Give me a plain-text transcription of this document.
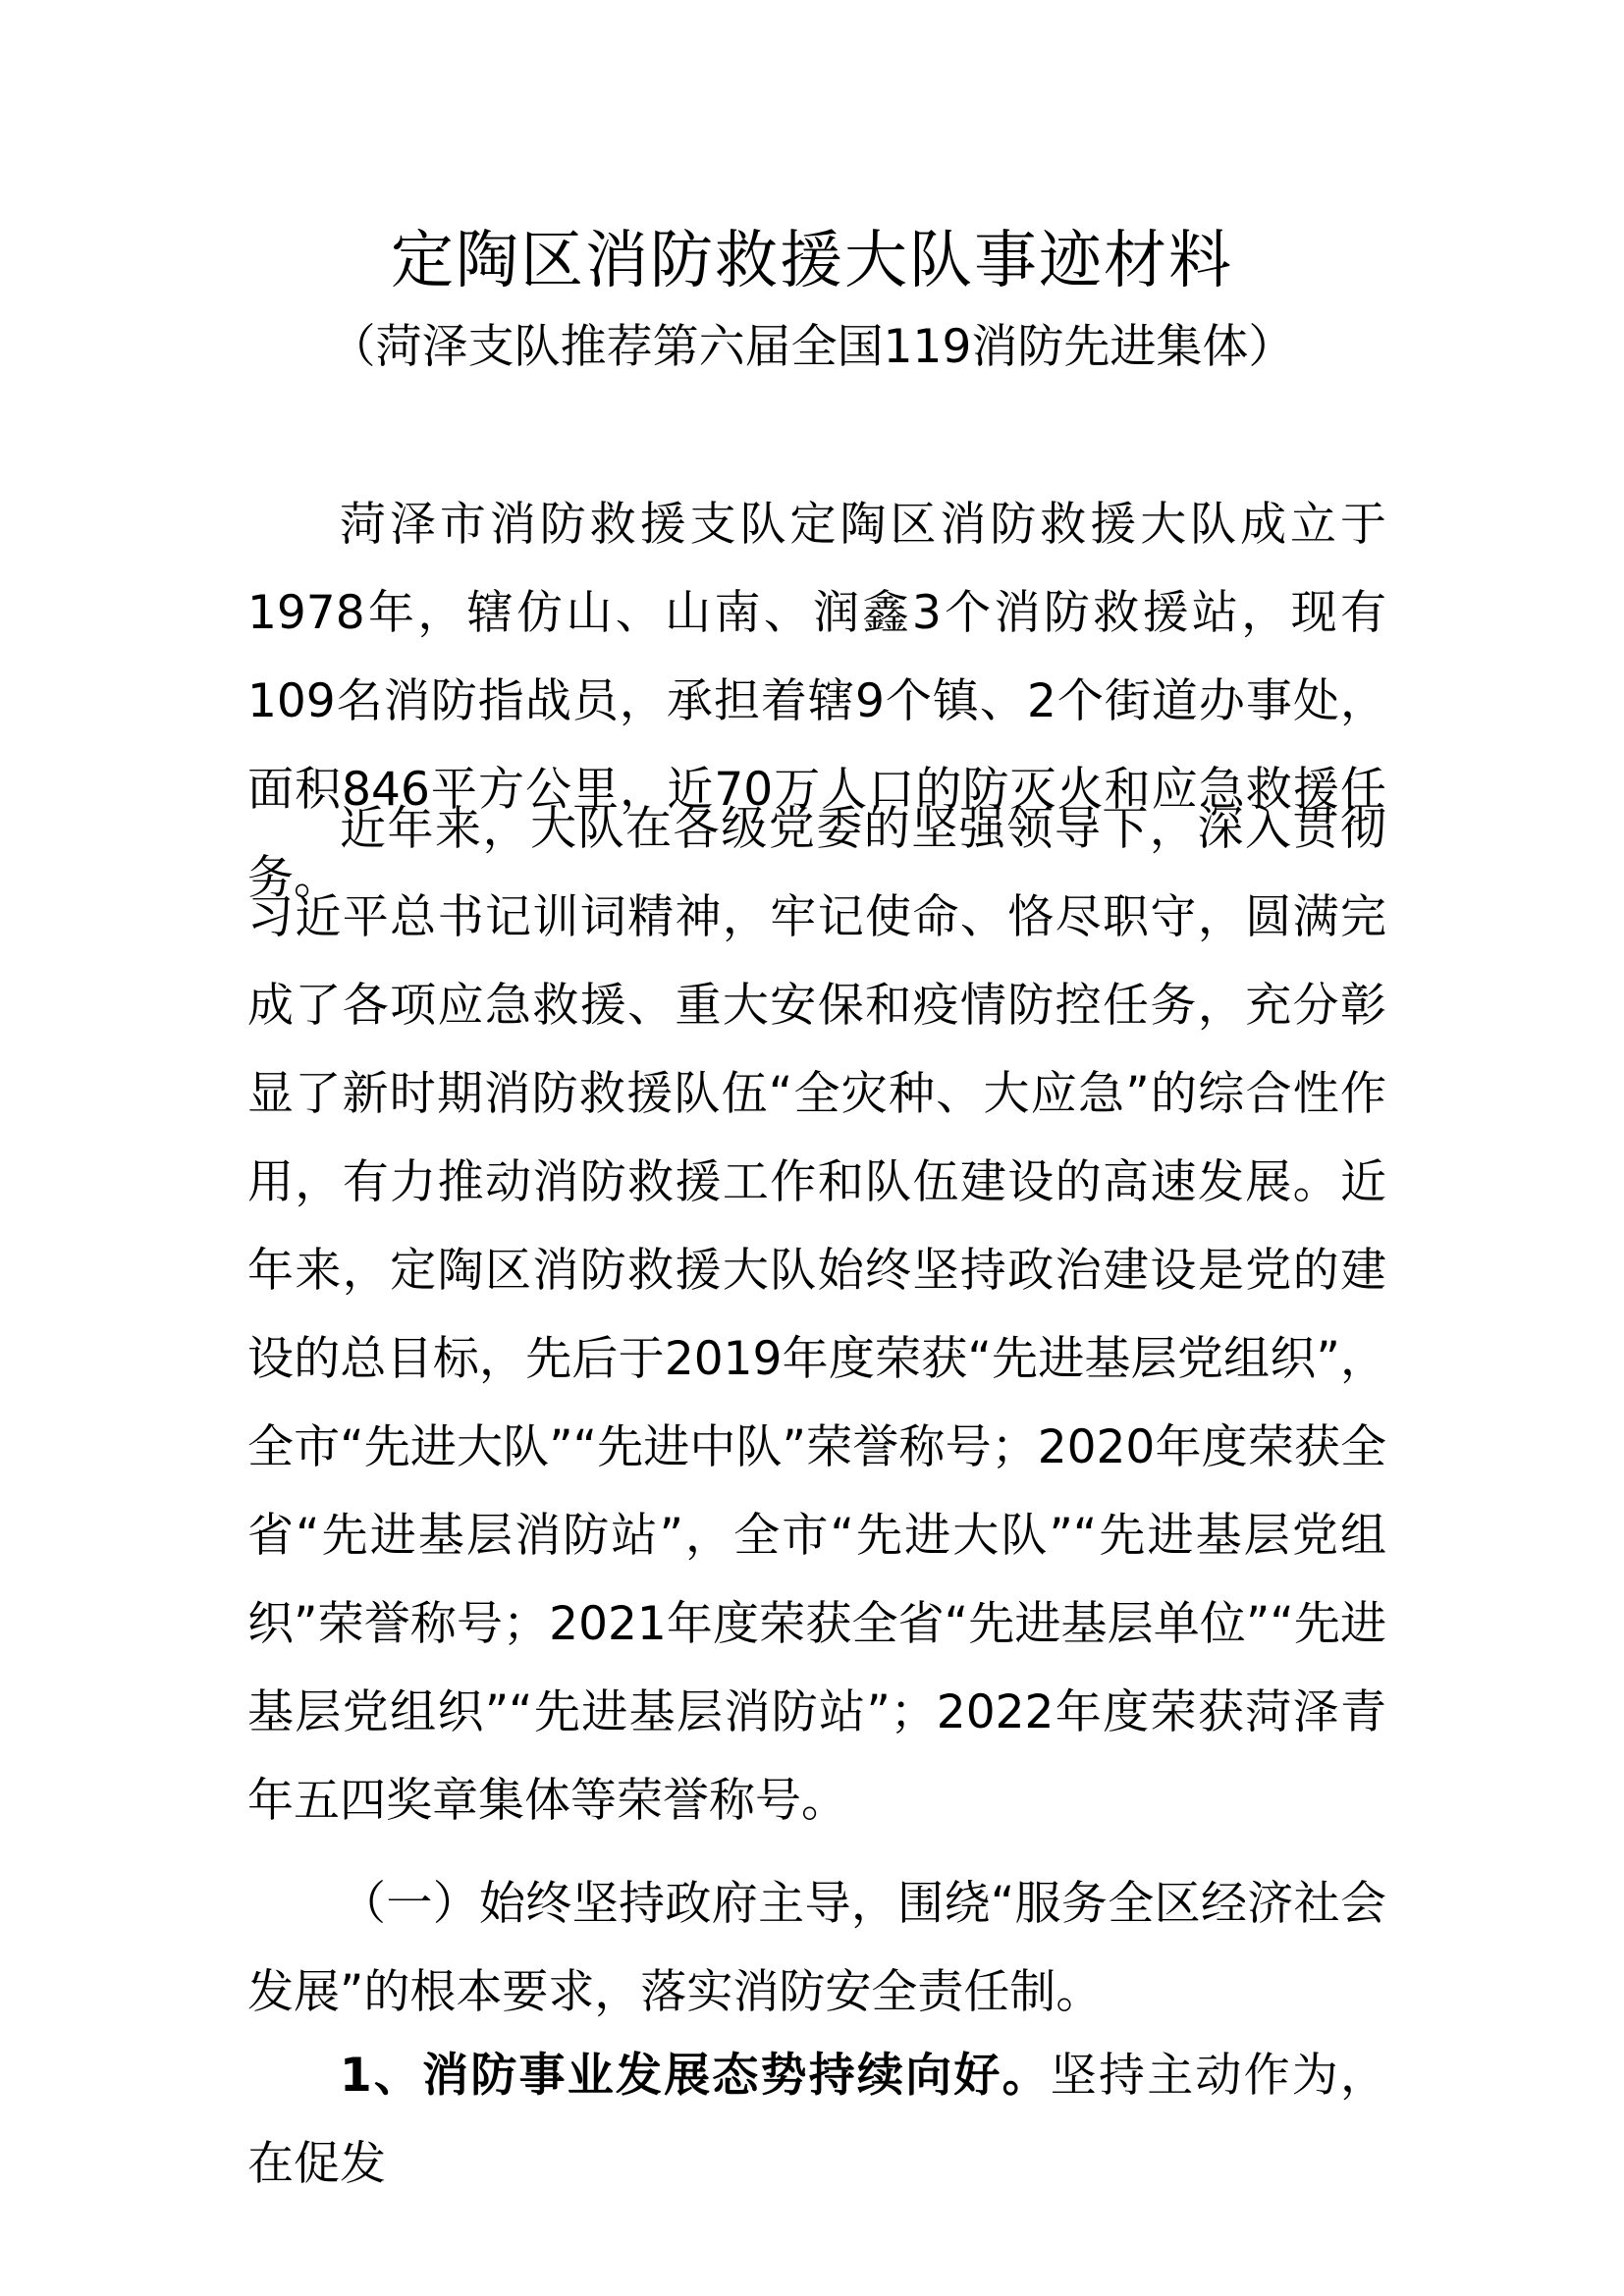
定陶区消防救援大队事迹材料
（菏泽支队推荐第六届全国119消防先进集体）

菏泽市消防救援支队定陶区消防救援大队成立于1978年，辖仿山、山南、润鑫3个消防救援站，现有109名消防指战员，承担着辖9个镇、2个街道办事处，面积846平方公里，近70万人口的防灭火和应急救援任务。

近年来，大队在各级党委的坚强领导下，深入贯彻习近平总书记训词精神，牢记使命、恪尽职守，圆满完成了各项应急救援、重大安保和疫情防控任务，充分彰显了新时期消防救援队伍“全灾种、大应急”的综合性作用，有力推动消防救援工作和队伍建设的高速发展。近年来，定陶区消防救援大队始终坚持政治建设是党的建设的总目标，先后于2019年度荣获“先进基层党组织”，全市“先进大队”“先进中队”荣誉称号；2020年度荣获全省“先进基层消防站”，全市“先进大队”“先进基层党组织”荣誉称号；2021年度荣获全省“先进基层单位”“先进基层党组织”“先进基层消防站”；2022年度荣获菏泽青年五四奖章集体等荣誉称号。

（一）始终坚持政府主导，围绕“服务全区经济社会发展”的根本要求，落实消防安全责任制。

1、消防事业发展态势持续向好。坚持主动作为，在促发
